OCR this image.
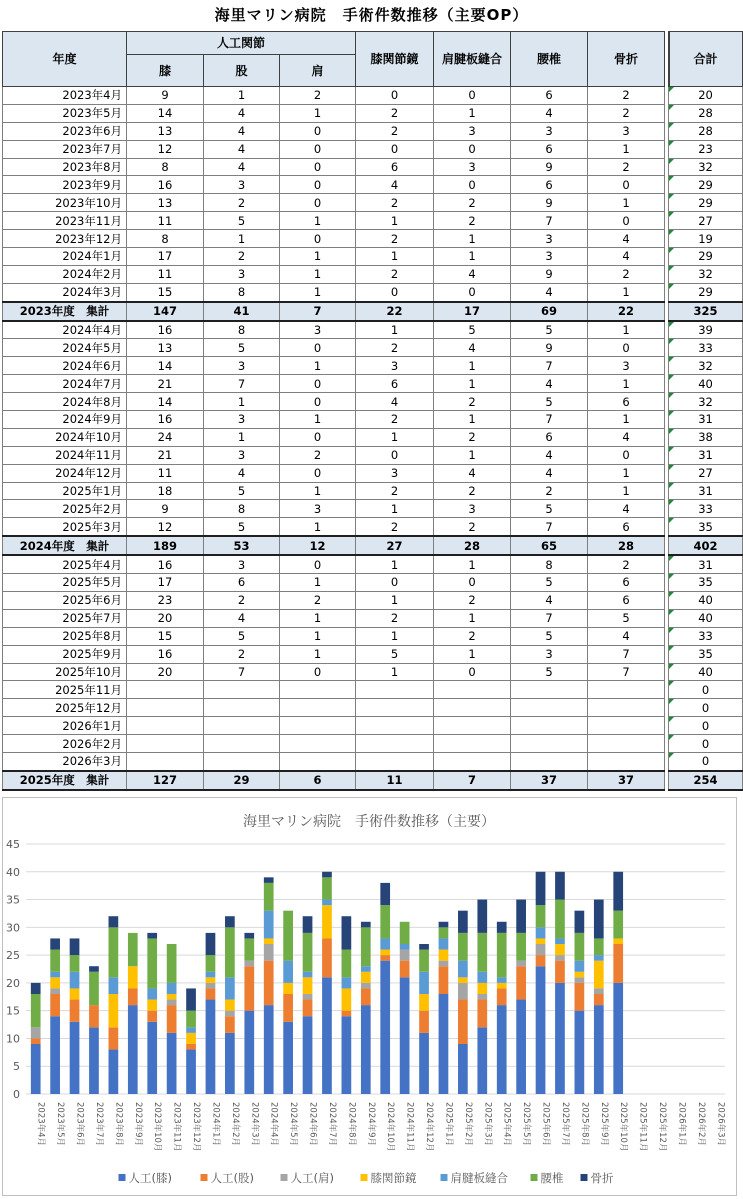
海里マリン病院　手術件数推移（主要OP）
年度	人工関節			膝関節鏡	肩腱板縫合	腰椎	骨折		合計
	膝	股	肩						
2023年4月	9	1	2	0	0	6	2		20
2023年5月	14	4	1	2	1	4	2		28
2023年6月	13	4	0	2	3	3	3		28
2023年7月	12	4	0	0	0	6	1		23
2023年8月	8	4	0	6	3	9	2		32
2023年9月	16	3	0	4	0	6	0		29
2023年10月	13	2	0	2	2	9	1		29
2023年11月	11	5	1	1	2	7	0		27
2023年12月	8	1	0	2	1	3	4		19
2024年1月	17	2	1	1	1	3	4		29
2024年2月	11	3	1	2	4	9	2		32
2024年3月	15	8	1	0	0	4	1		29
2023年度　集計	147	41	7	22	17	69	22		325
2024年4月	16	8	3	1	5	5	1		39
2024年5月	13	5	0	2	4	9	0		33
2024年6月	14	3	1	3	1	7	3		32
2024年7月	21	7	0	6	1	4	1		40
2024年8月	14	1	0	4	2	5	6		32
2024年9月	16	3	1	2	1	7	1		31
2024年10月	24	1	0	1	2	6	4		38
2024年11月	21	3	2	0	1	4	0		31
2024年12月	11	4	0	3	4	4	1		27
2025年1月	18	5	1	2	2	2	1		31
2025年2月	9	8	3	1	3	5	4		33
2025年3月	12	5	1	2	2	7	6		35
2024年度　集計	189	53	12	27	28	65	28		402
2025年4月	16	3	0	1	1	8	2		31
2025年5月	17	6	1	0	0	5	6		35
2025年6月	23	2	2	1	2	4	6		40
2025年7月	20	4	1	2	1	7	5		40
2025年8月	15	5	1	1	2	5	4		33
2025年9月	16	2	1	5	1	3	7		35
2025年10月	20	7	0	1	0	5	7		40
2025年11月									0
2025年12月									0
2026年1月									0
2026年2月									0
2026年3月									0
2025年度　集計	127	29	6	11	7	37	37		254
海里マリン病院　手術件数推移（主要）
0
5
10
15
20
25
30
35
40
45
2023年4月 2023年5月 2023年6月 2023年7月 2023年8月 2023年9月 2023年10月 2023年11月 2023年12月 2024年1月 2024年2月 2024年3月 2024年4月 2024年5月 2024年6月 2024年7月 2024年8月 2024年9月 2024年10月 2024年11月 2024年12月 2025年1月 2025年2月 2025年3月 2025年4月 2025年5月 2025年6月 2025年7月 2025年8月 2025年9月 2025年10月 2025年11月 2025年12月 2026年1月 2026年2月 2026年3月
人工(膝)	人工(股)	人工(肩)	膝関節鏡	肩腱板縫合	腰椎 骨折
